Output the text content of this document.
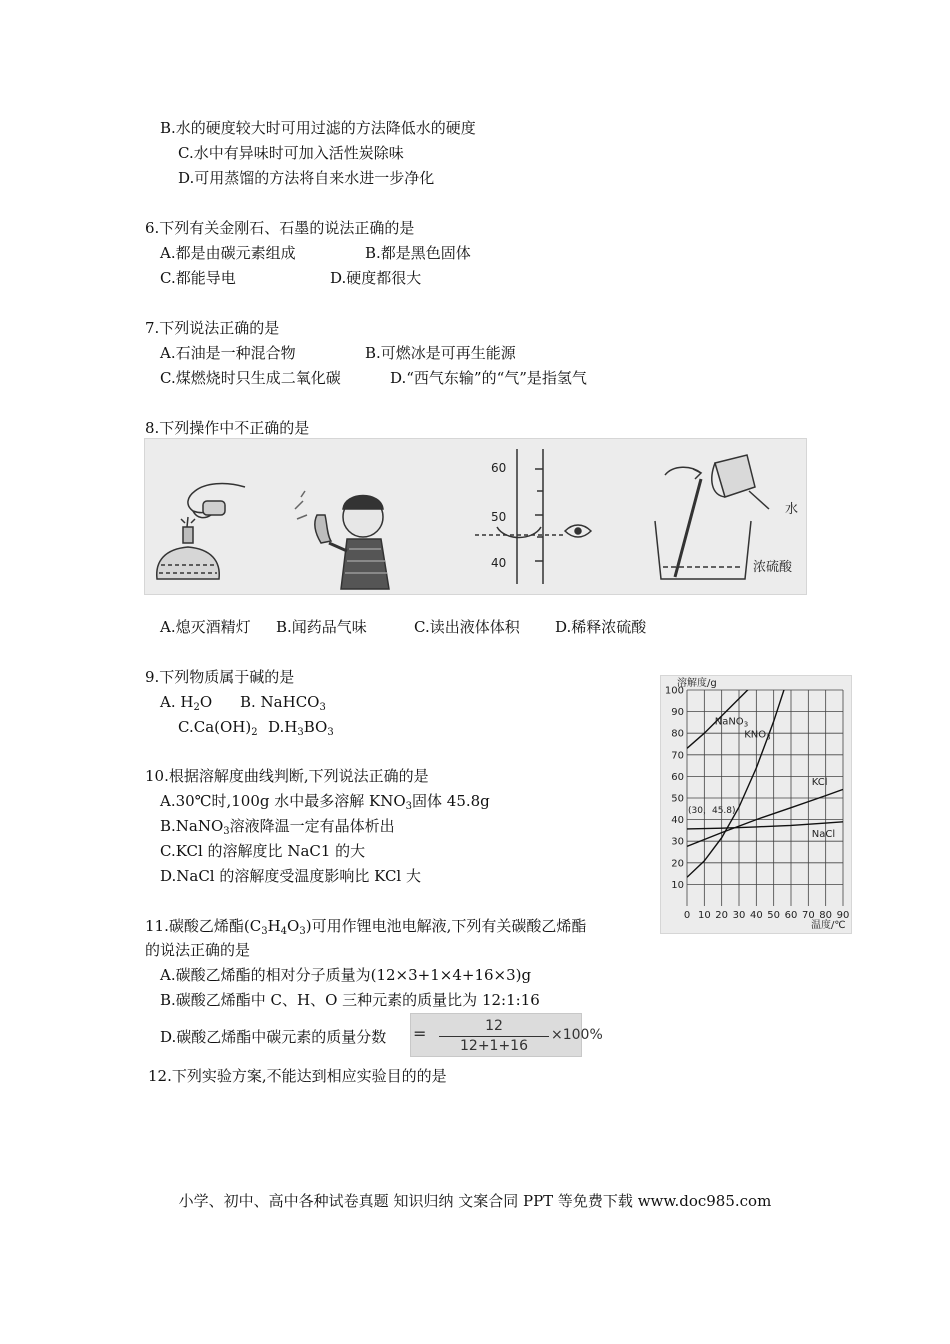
B.水的硬度较大时可用过滤的方法降低水的硬度
C.水中有异味时可加入活性炭除味
D.可用蒸馏的方法将自来水进一步净化
6.下列有关金刚石、石墨的说法正确的是
A.都是由碳元素组成	B.都是黑色固体
C.都能导电	D.硬度都很大
7.下列说法正确的是
A.石油是一种混合物	B.可燃冰是可再生能源
C.煤燃烧时只生成二氧化碳	D.“西气东输”的“气”是指氢气
8.下列操作中不正确的是
60
50
40
水
浓硫酸
A.熄灭酒精灯 B.闻药品气味	C.读出液体体积 D.稀释浓硫酸
9.下列物质属于碱的是
A. $H_2O$ B. NaHCO$_3$
$C.Ca(OH)_2$ $D.H_3BO_3$
溶解度/g
温度/℃
(30，45.8)
0 10 20 30 40 50 60 70 80 90
10
20
30
40
50
60
70
80
90
100
NaNO$_3$
$KNO_3$
KCl
NaCl
10.根据溶解度曲线判断,下列说法正确的是
A.30℃时,100g 水中最多溶解 $KNO_3$固体 45.8g
B.NaNO$_3$溶液降温一定有晶体析出
C.KCl 的溶解度比 NaC1 的大
D.NaCl 的溶解度受温度影响比 KCl 大
11.碳酸乙烯酯$(C_3H_4O_3)$可用作锂电池电解液,下列有关碳酸乙烯酯
的说法正确的是
A.碳酸乙烯酯的相对分子质量为(12×3+1×4+16×3)g
B.碳酸乙烯酯中 C、H、O 三种元素的质量比为 12:1:16
D.碳酸乙烯酯中碳元素的质量分数 =	12
12+1+16
×100%
12.下列实验方案,不能达到相应实验目的的是
小学、初中、高中各种试卷真题 知识归纳 文案合同 PPT 等免费下载 www.doc985.com
